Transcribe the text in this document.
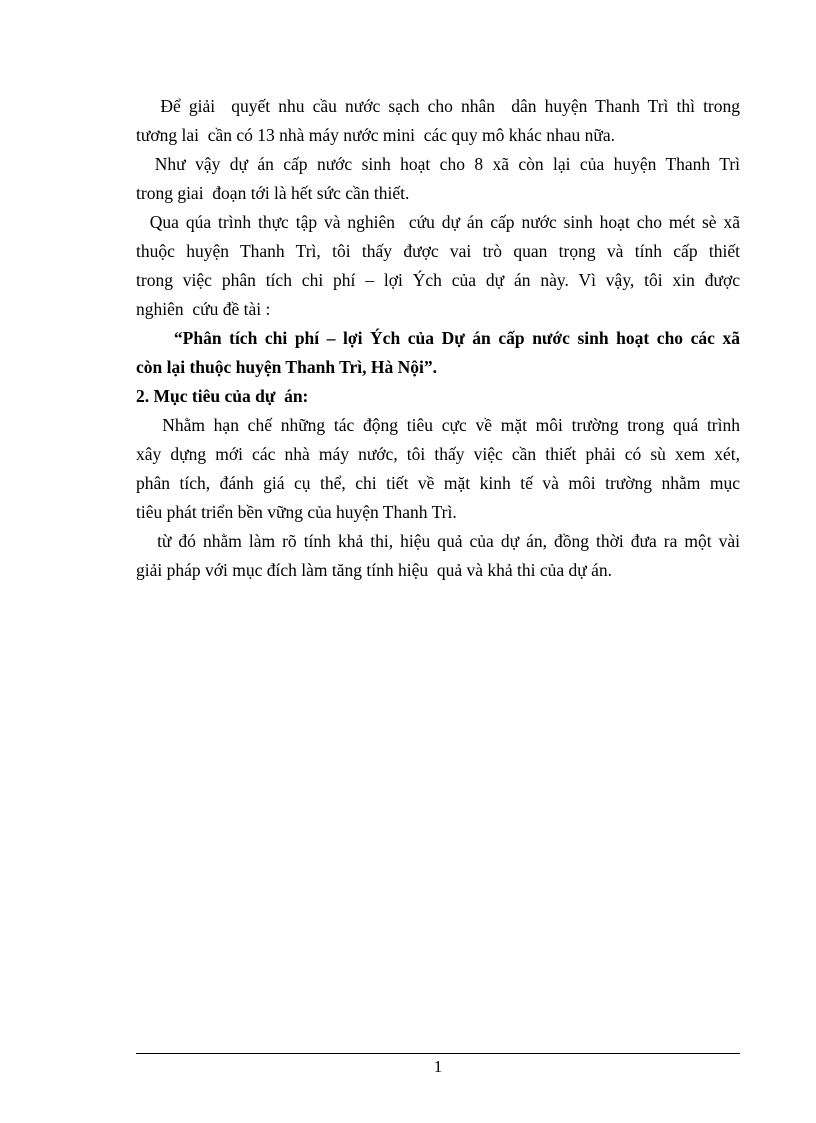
Để giải  quyết nhu cầu nước sạch cho nhân  dân huyện Thanh Trì thì trong
tương lai  cần có 13 nhà máy nước mini  các quy mô khác nhau nữa.
Như vậy dự án cấp nước sinh hoạt cho 8 xã còn lại của huyện Thanh Trì
trong giai  đoạn tới là hết sức cần thiết.
Qua qúa trình thực tập và nghiên  cứu dự án cấp nước sinh hoạt cho mét sè xã
thuộc huyện Thanh Trì, tôi thấy được vai trò quan trọng và tính cấp thiết
trong việc phân tích chi phí – lợi Ých của dự án này. Vì vậy, tôi xin được
nghiên  cứu đề tài :
“Phân tích chi phí – lợi Ých của Dự án cấp nước sinh hoạt cho các xã
còn lại thuộc huyện Thanh Trì, Hà Nội”.
2. Mục tiêu của dự  án:
Nhằm hạn chế những tác động tiêu cực về mặt môi trường trong quá trình
xây dựng mới các nhà máy nước, tôi thấy việc cần thiết phải có sù xem xét,
phân tích, đánh giá cụ thể, chi tiết về mặt kinh tế và môi trường nhằm mục
tiêu phát triển bền vững của huyện Thanh Trì.
từ đó nhằm làm rõ tính khả thi, hiệu quả của dự án, đồng thời đưa ra một vài
giải pháp với mục đích làm tăng tính hiệu  quả và khả thi của dự án.
1
